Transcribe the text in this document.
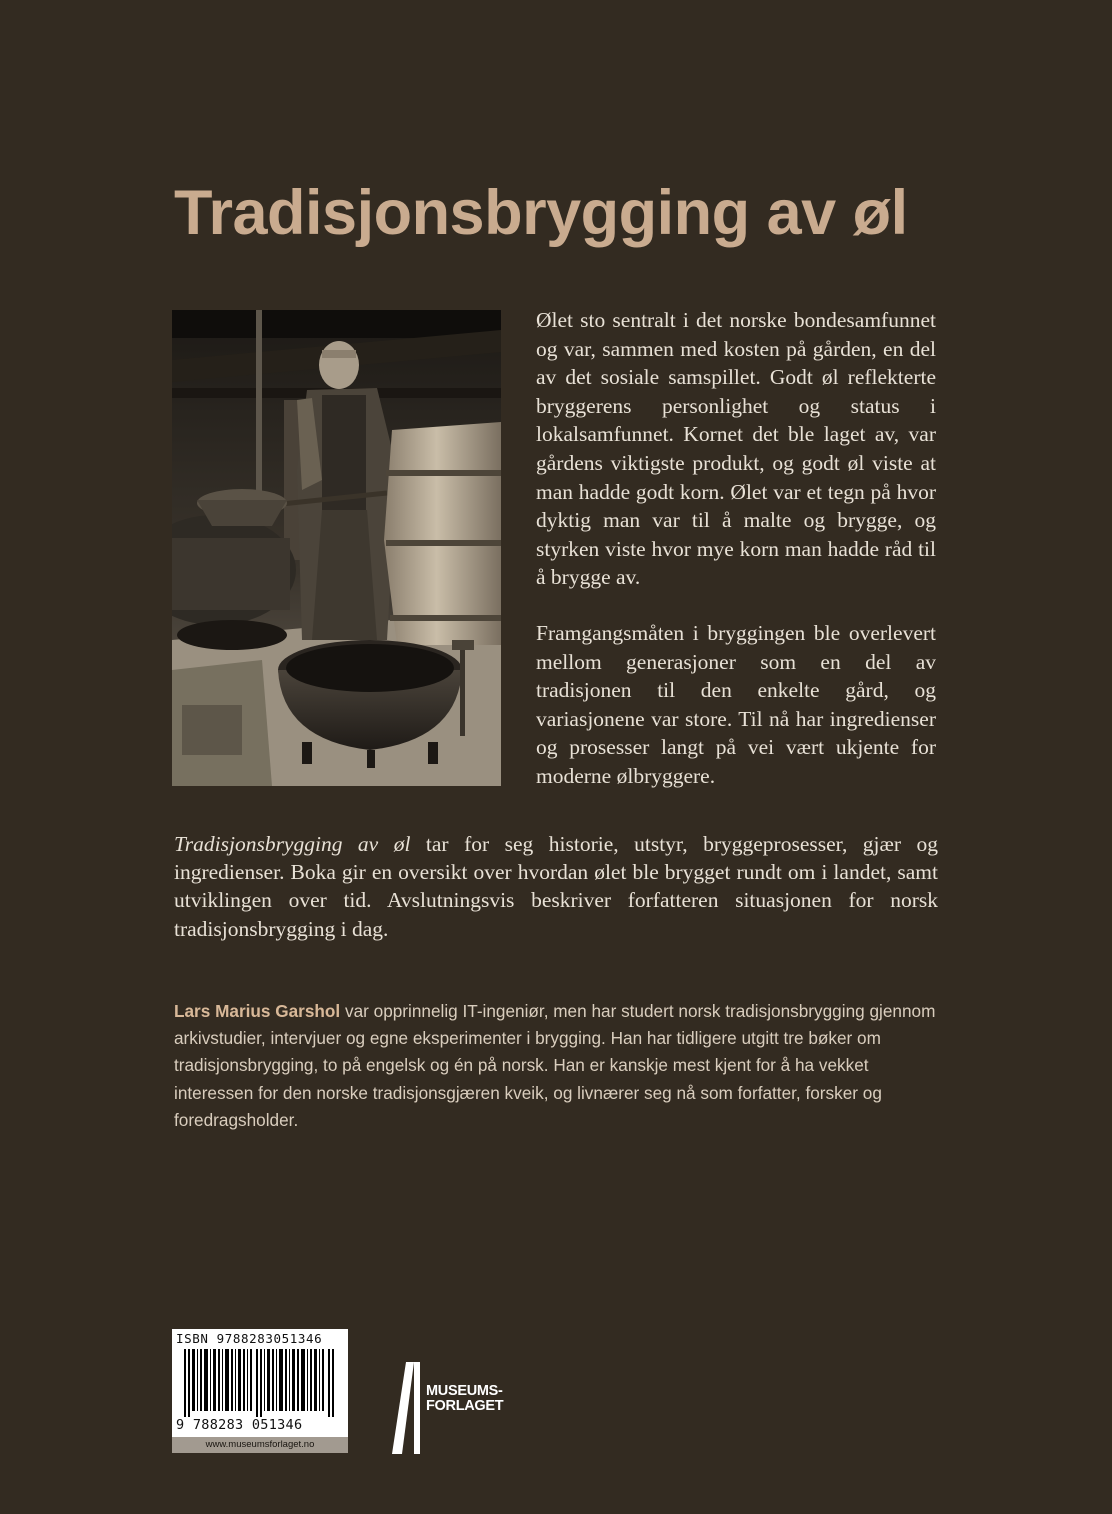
Tradisjonsbrygging av øl

Ølet sto sentralt i det norske bondesamfunnet og var, sammen med kosten på gården, en del av det sosiale samspillet. Godt øl reflekterte bryggerens personlighet og status i lokalsamfunnet. Kornet det ble laget av, var gårdens viktigste produkt, og godt øl viste at man hadde godt korn. Ølet var et tegn på hvor dyktig man var til å malte og brygge, og styrken viste hvor mye korn man hadde råd til å brygge av.

Framgangsmåten i bryggingen ble overlevert mellom generasjoner som en del av tradisjonen til den enkelte gård, og variasjonene var store. Til nå har ingredienser og prosesser langt på vei vært ukjente for moderne ølbryggere.

Tradisjonsbrygging av øl tar for seg historie, utstyr, bryggeprosesser, gjær og ingredienser. Boka gir en oversikt over hvordan ølet ble brygget rundt om i landet, samt utviklingen over tid. Avslutningsvis beskriver forfatteren situasjonen for norsk tradisjonsbrygging i dag.

Lars Marius Garshol var opprinnelig IT-ingeniør, men har studert norsk tradisjonsbrygging gjennom arkivstudier, intervjuer og egne eksperimenter i brygging. Han har tidligere utgitt tre bøker om tradisjonsbrygging, to på engelsk og én på norsk. Han er kanskje mest kjent for å ha vekket interessen for den norske tradisjonsgjæren kveik, og livnærer seg nå som forfatter, forsker og foredragsholder.

ISBN 9788283051346
9 788283 051346
www.museumsforlaget.no
MUSEUMS-
FORLAGET
